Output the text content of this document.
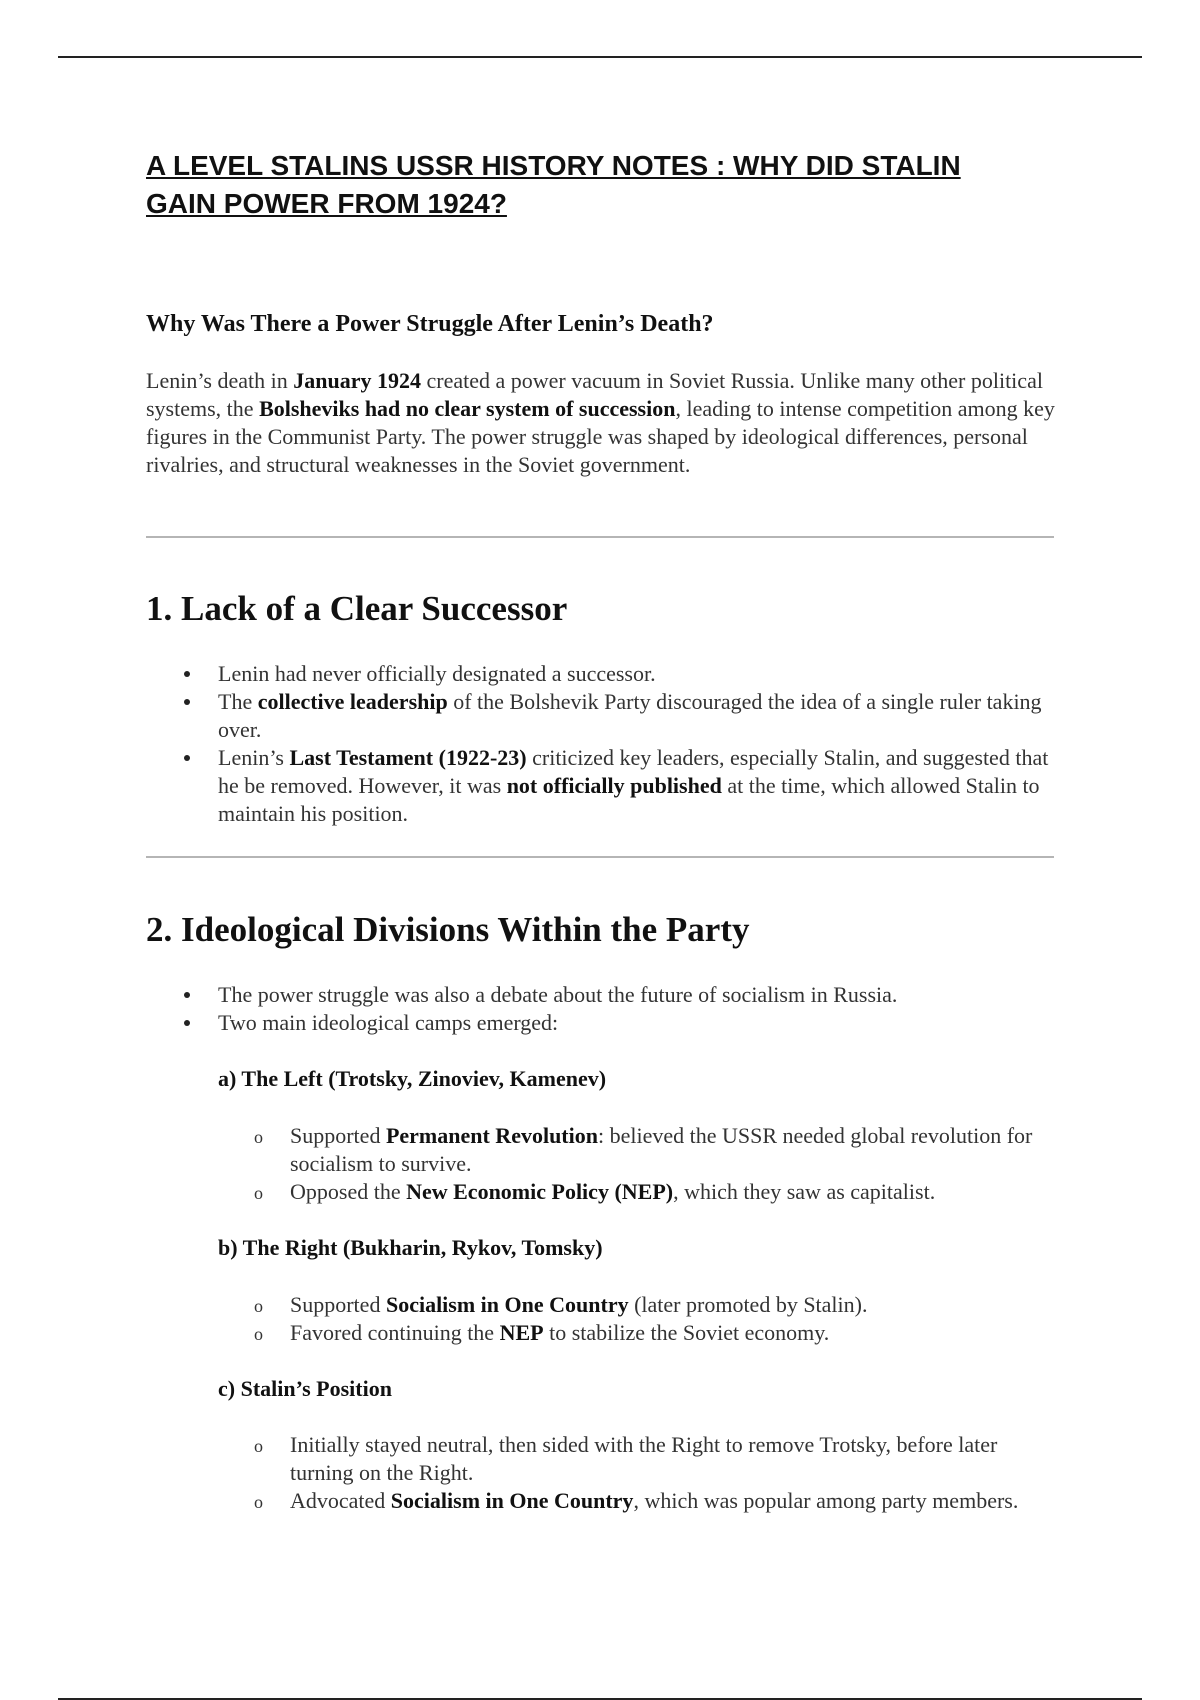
A LEVEL STALINS USSR HISTORY NOTES : WHY DID STALIN GAIN POWER FROM 1924?
Why Was There a Power Struggle After Lenin’s Death?

Lenin’s death in January 1924 created a power vacuum in Soviet Russia. Unlike many other political systems, the Bolsheviks had no clear system of succession, leading to intense competition among key figures in the Communist Party. The power struggle was shaped by ideological differences, personal rivalries, and structural weaknesses in the Soviet government.

1. Lack of a Clear Successor
Lenin had never officially designated a successor.
The collective leadership of the Bolshevik Party discouraged the idea of a single ruler taking over.
Lenin’s Last Testament (1922-23) criticized key leaders, especially Stalin, and suggested that he be removed. However, it was not officially published at the time, which allowed Stalin to maintain his position.
2. Ideological Divisions Within the Party
The power struggle was also a debate about the future of socialism in Russia.
Two main ideological camps emerged:
a) The Left (Trotsky, Zinoviev, Kamenev)
o Supported Permanent Revolution: believed the USSR needed global revolution for socialism to survive.
o Opposed the New Economic Policy (NEP), which they saw as capitalist.
b) The Right (Bukharin, Rykov, Tomsky)
o Supported Socialism in One Country (later promoted by Stalin).
o Favored continuing the NEP to stabilize the Soviet economy.
c) Stalin’s Position
o Initially stayed neutral, then sided with the Right to remove Trotsky, before later turning on the Right.
o Advocated Socialism in One Country, which was popular among party members.
